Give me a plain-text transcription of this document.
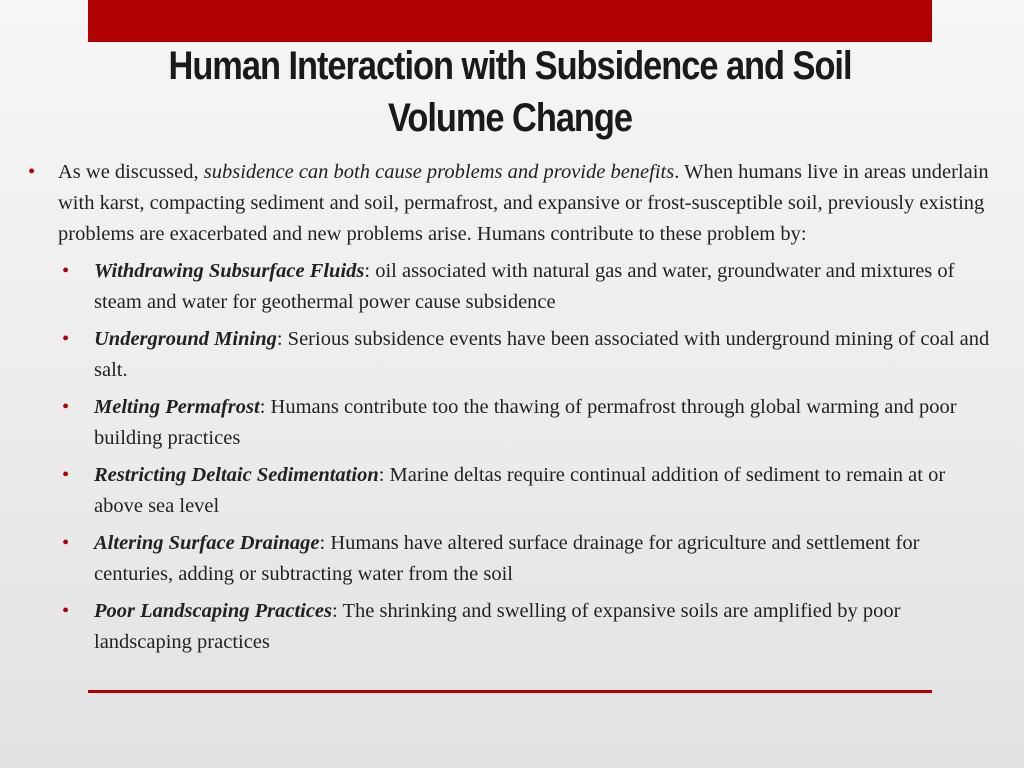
Human Interaction with Subsidence and Soil
Volume Change
• As we discussed, subsidence can both cause problems and provide benefits. When humans live in areas underlain with karst, compacting sediment and soil, permafrost, and expansive or frost-susceptible soil, previously existing problems are exacerbated and new problems arise. Humans contribute to these problem by:
• Withdrawing Subsurface Fluids: oil associated with natural gas and water, groundwater and mixtures of steam and water for geothermal power cause subsidence
• Underground Mining: Serious subsidence events have been associated with underground mining of coal and salt.
• Melting Permafrost: Humans contribute too the thawing of permafrost through global warming and poor building practices
• Restricting Deltaic Sedimentation: Marine deltas require continual addition of sediment to remain at or above sea level
• Altering Surface Drainage: Humans have altered surface drainage for agriculture and settlement for centuries, adding or subtracting water from the soil
• Poor Landscaping Practices: The shrinking and swelling of expansive soils are amplified by poor landscaping practices
